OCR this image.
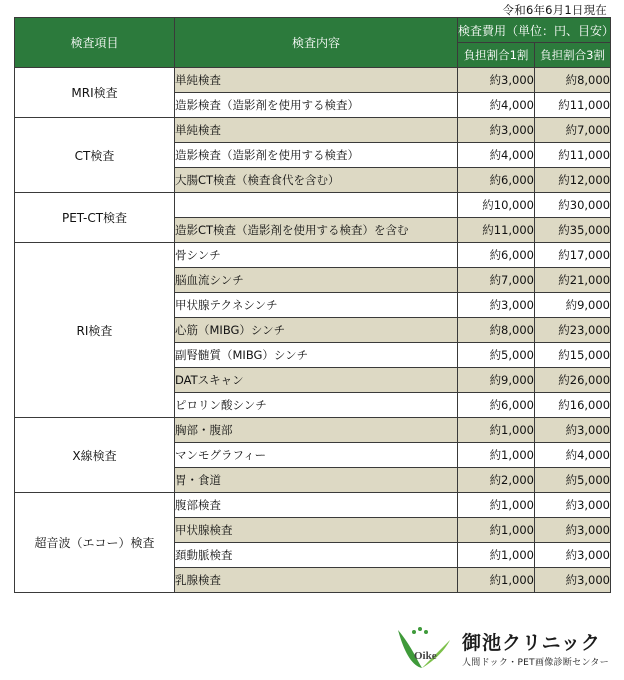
令和6年6月1日現在
検査項目	検査内容	検査費用（単位：円、目安）	
		負担割合1割	負担割合3割
MRI検査	単純検査	約3,000	約8,000
	造影検査（造影剤を使用する検査）	約4,000	約11,000
CT検査	単純検査	約3,000	約7,000
	造影検査（造影剤を使用する検査）	約4,000	約11,000
	大腸CT検査（検査食代を含む）	約6,000	約12,000
PET-CT検査		約10,000	約30,000
	造影CT検査（造影剤を使用する検査）を含む	約11,000	約35,000
RI検査	骨シンチ	約6,000	約17,000
	脳血流シンチ	約7,000	約21,000
	甲状腺テクネシンチ	約3,000	約9,000
	心筋（MIBG）シンチ	約8,000	約23,000
	副腎髄質（MIBG）シンチ	約5,000	約15,000
	DATスキャン	約9,000	約26,000
	ピロリン酸シンチ	約6,000	約16,000
X線検査	胸部・腹部	約1,000	約3,000
	マンモグラフィー	約1,000	約4,000
	胃・食道	約2,000	約5,000
超音波（エコー）検査	腹部検査	約1,000	約3,000
	甲状腺検査	約1,000	約3,000
	頚動脈検査	約1,000	約3,000
	乳腺検査	約1,000	約3,000
Oike
御池クリニック
人間ドック・PET画像診断センター
